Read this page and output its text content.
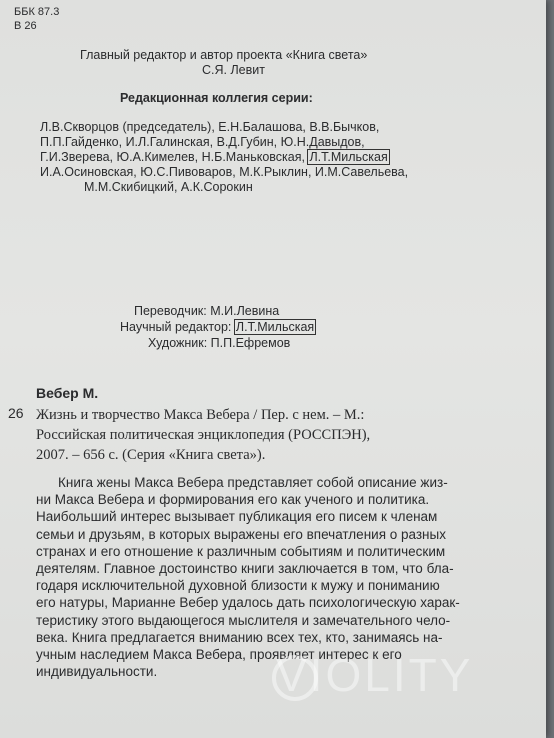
ББК 87.3
В 26
Главный редактор и автор проекта «Книга света»
С.Я. Левит
Редакционная коллегия серии:
Л.В.Скворцов (председатель), Е.Н.Балашова, В.В.Бычков,
П.П.Гайденко, И.Л.Галинская, В.Д.Губин, Ю.Н.Давыдов,
Г.И.Зверева, Ю.А.Кимелев, Н.Б.Маньковская, Л.Т.Мильская
И.А.Осиновская, Ю.С.Пивоваров, М.К.Рыклин, И.М.Савельева,
М.М.Скибицкий, А.К.Сорокин
Переводчик: М.И.Левина
Научный редактор: Л.Т.Мильская
Художник: П.П.Ефремов
Вебер М.
26 Жизнь и творчество Макса Вебера / Пер. с нем. – М.:
Российская политическая энциклопедия (РОССПЭН),
2007. – 656 с. (Серия «Книга света»).
Книга жены Макса Вебера представляет собой описание жиз-
ни Макса Вебера и формирования его как ученого и политика.
Наибольший интерес вызывает публикация его писем к членам
семьи и друзьям, в которых выражены его впечатления о разных
странах и его отношение к различным событиям и политическим
деятелям. Главное достоинство книги заключается в том, что бла-
годаря исключительной духовной близости к мужу и пониманию
его натуры, Марианне Вебер удалось дать психологическую харак-
теристику этого выдающегося мыслителя и замечательного чело-
века. Книга предлагается вниманию всех тех, кто, занимаясь на-
учным наследием Макса Вебера, проявляет интерес к его
индивидуальности.	VIOLITY
